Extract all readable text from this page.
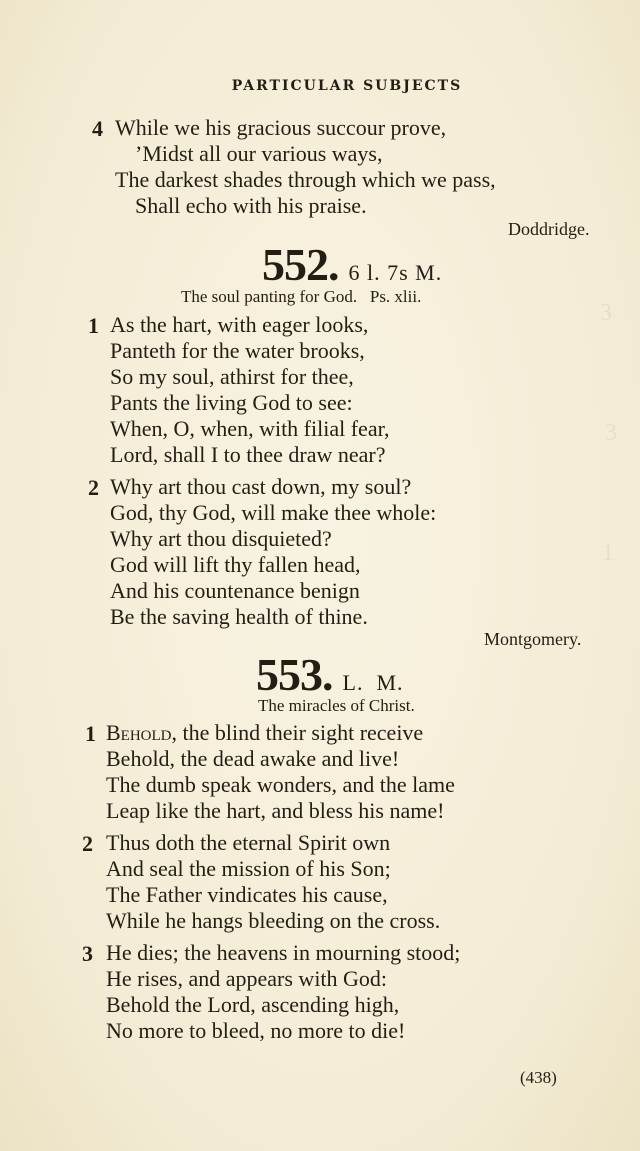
3
3
1
PARTICULAR SUBJECTS
4 While we his gracious succour prove,
’Midst all our various ways,
The darkest shades through which we pass,
Shall echo with his praise.
Doddridge.
552. 6 l. 7s M.
The soul panting for God.   Ps. xlii.
1 As the hart, with eager looks,
Panteth for the water brooks,
So my soul, athirst for thee,
Pants the living God to see:
When, O, when, with filial fear,
Lord, shall I to thee draw near?
2 Why art thou cast down, my soul?
God, thy God, will make thee whole:
Why art thou disquieted?
God will lift thy fallen head,
And his countenance benign
Be the saving health of thine.
Montgomery.
553. L.  M.
The miracles of Christ.
1 Behold, the blind their sight receive
Behold, the dead awake and live!
The dumb speak wonders, and the lame
Leap like the hart, and bless his name!
2 Thus doth the eternal Spirit own
And seal the mission of his Son;
The Father vindicates his cause,
While he hangs bleeding on the cross.
3 He dies; the heavens in mourning stood;
He rises, and appears with God:
Behold the Lord, ascending high,
No more to bleed, no more to die!
(438)
